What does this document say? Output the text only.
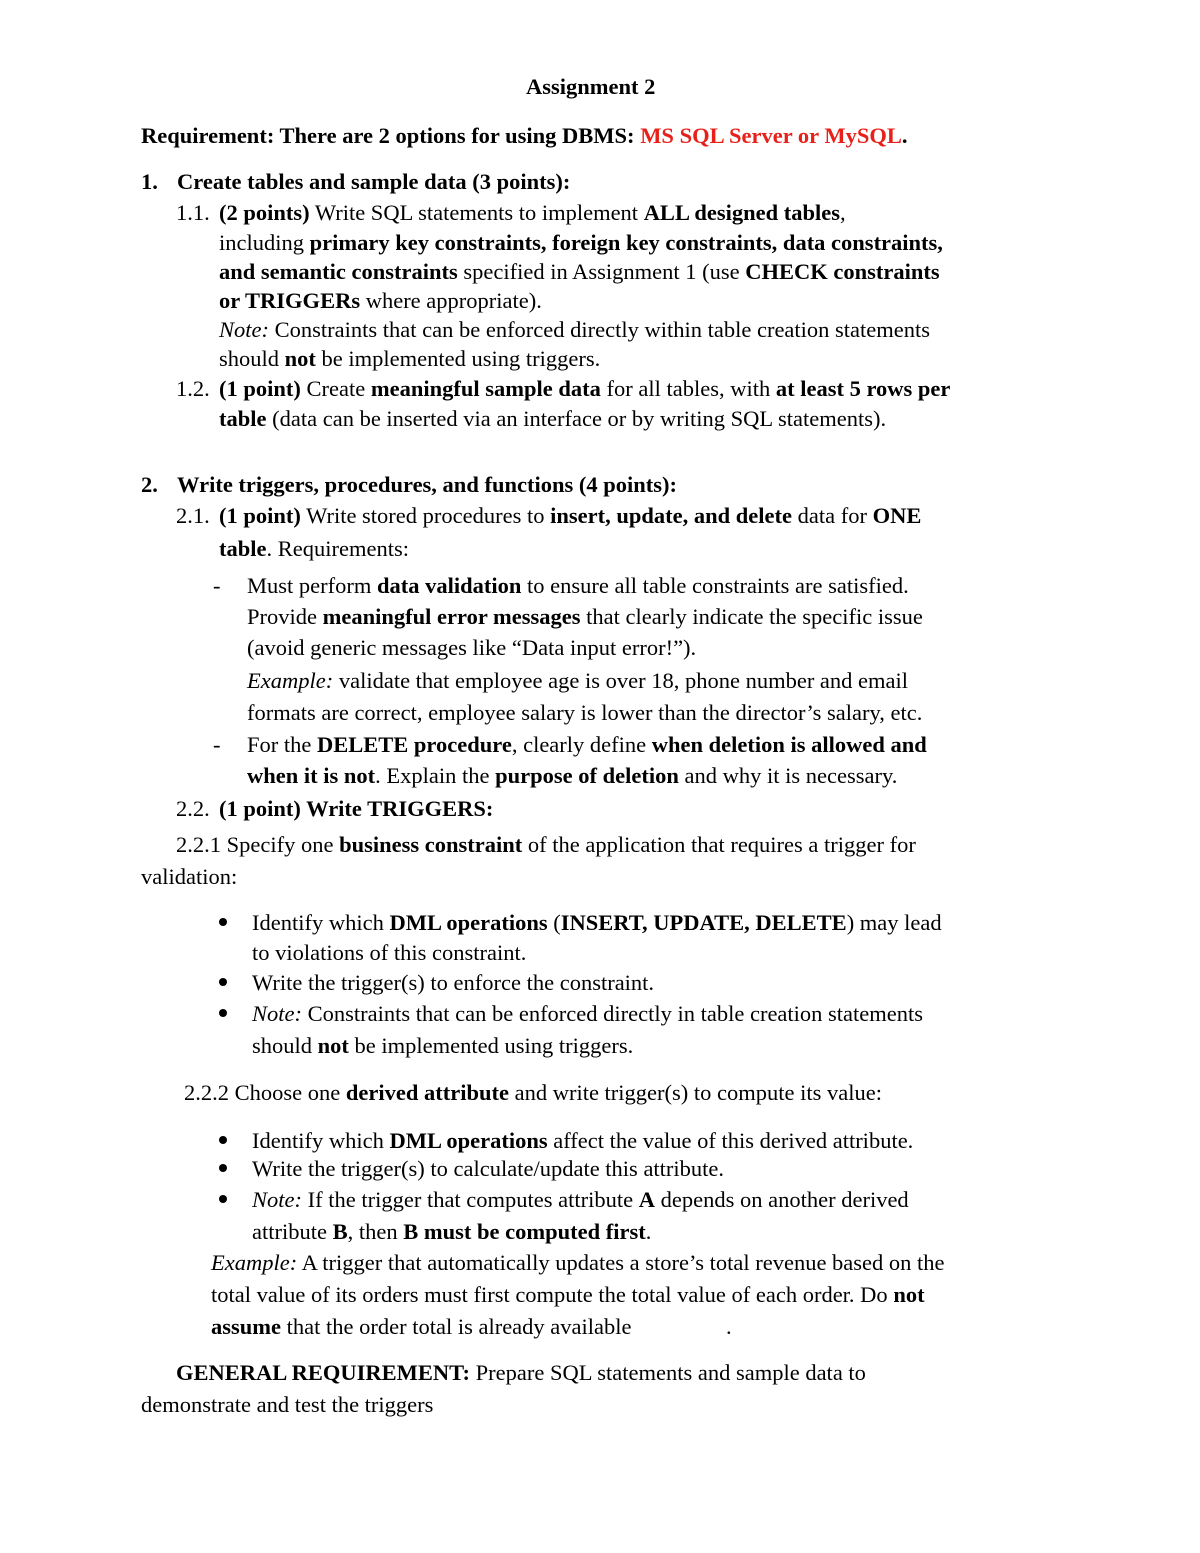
Assignment 2
Requirement: There are 2 options for using DBMS: MS SQL Server or MySQL.
1. Create tables and sample data (3 points):
1.1. (2 points) Write SQL statements to implement ALL designed tables,
including primary key constraints, foreign key constraints, data constraints,
and semantic constraints specified in Assignment 1 (use CHECK constraints
or TRIGGERs where appropriate).
Note: Constraints that can be enforced directly within table creation statements
should not be implemented using triggers.
1.2. (1 point) Create meaningful sample data for all tables, with at least 5 rows per
table (data can be inserted via an interface or by writing SQL statements).
2. Write triggers, procedures, and functions (4 points):
2.1. (1 point) Write stored procedures to insert, update, and delete data for ONE
table. Requirements:
- Must perform data validation to ensure all table constraints are satisfied.
Provide meaningful error messages that clearly indicate the specific issue
(avoid generic messages like “Data input error!”).
Example: validate that employee age is over 18, phone number and email
formats are correct, employee salary is lower than the director’s salary, etc.
- For the DELETE procedure, clearly define when deletion is allowed and
when it is not. Explain the purpose of deletion and why it is necessary.
2.2. (1 point) Write TRIGGERS:
2.2.1 Specify one business constraint of the application that requires a trigger for
validation:
Identify which DML operations (INSERT, UPDATE, DELETE) may lead
to violations of this constraint.
Write the trigger(s) to enforce the constraint.
Note: Constraints that can be enforced directly in table creation statements
should not be implemented using triggers.
2.2.2 Choose one derived attribute and write trigger(s) to compute its value:
Identify which DML operations affect the value of this derived attribute.
Write the trigger(s) to calculate/update this attribute.
Note: If the trigger that computes attribute A depends on another derived
attribute B, then B must be computed first.
Example: A trigger that automatically updates a store’s total revenue based on the
total value of its orders must first compute the total value of each order. Do not
assume that the order total is already available	.
GENERAL REQUIREMENT: Prepare SQL statements and sample data to
demonstrate and test the triggers
